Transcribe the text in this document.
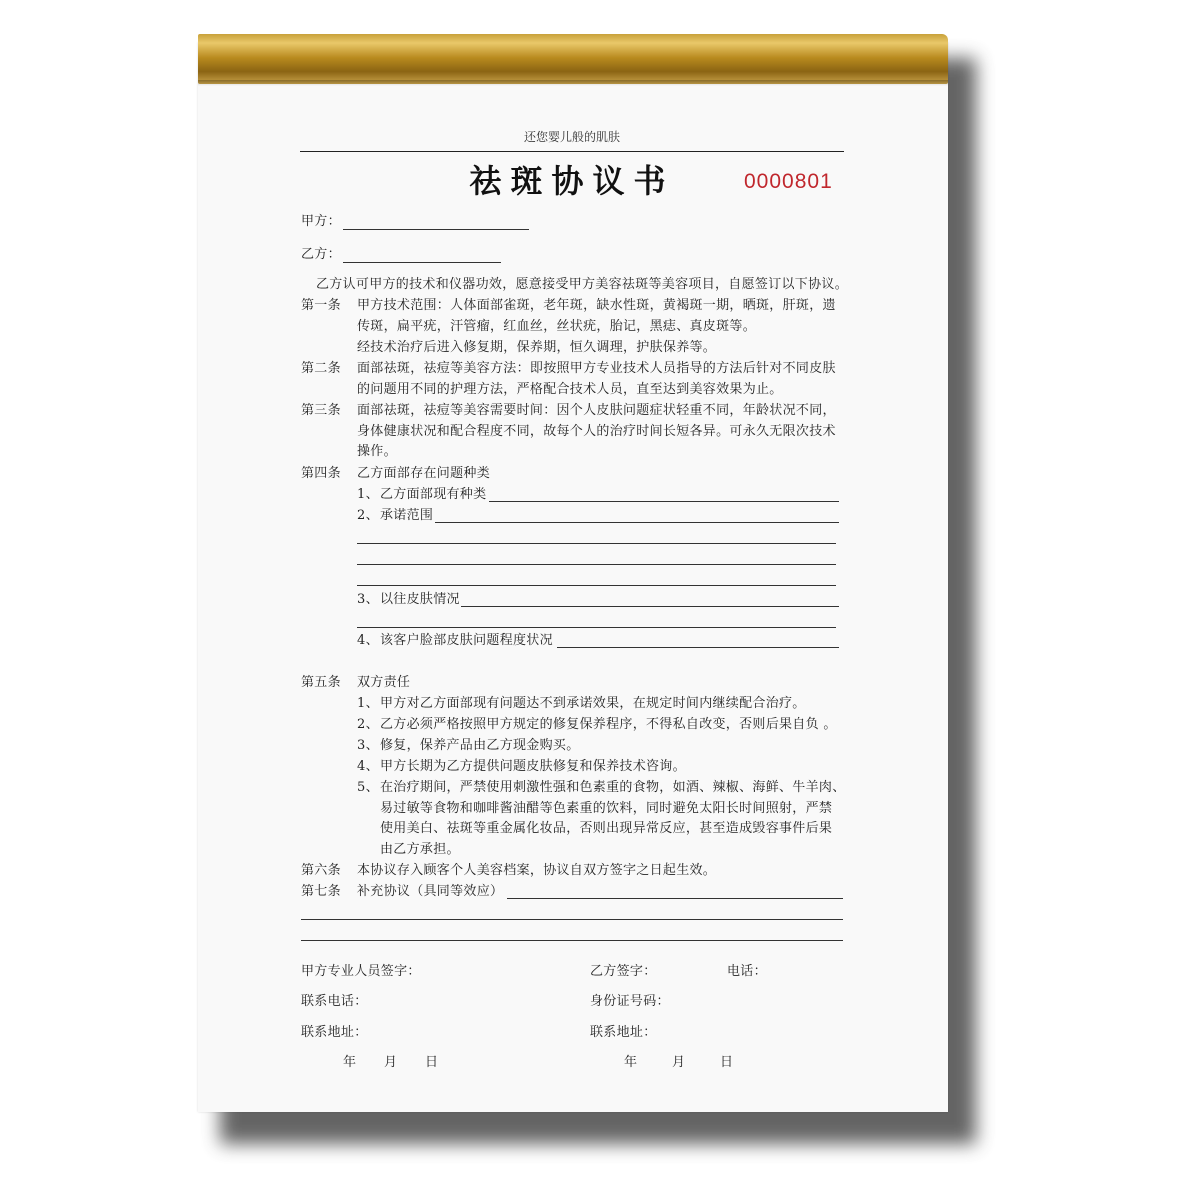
还您婴儿般的肌肤
祛斑协议书	0000801
甲方：
乙方：
乙方认可甲方的技术和仪器功效，愿意接受甲方美容祛斑等美容项目，自愿签订以下协议。
第一条 甲方技术范围：人体面部雀斑，老年斑，缺水性斑，黄褐斑一期，晒斑，肝斑，遗
传斑，扁平疣，汗管瘤，红血丝，丝状疣，胎记，黑痣、真皮斑等。
经技术治疗后进入修复期，保养期，恒久调理，护肤保养等。
第二条 面部祛斑，祛痘等美容方法：即按照甲方专业技术人员指导的方法后针对不同皮肤
的问题用不同的护理方法，严格配合技术人员，直至达到美容效果为止。
第三条 面部祛斑，祛痘等美容需要时间：因个人皮肤问题症状轻重不同，年龄状况不同，
身体健康状况和配合程度不同，故每个人的治疗时间长短各异。可永久无限次技术
操作。
第四条 乙方面部存在问题种类
1、 乙方面部现有种类
2、 承诺范围
3、 以往皮肤情况
4、 该客户脸部皮肤问题程度状况
第五条 双方责任
1、 甲方对乙方面部现有问题达不到承诺效果，在规定时间内继续配合治疗。
2、 乙方必须严格按照甲方规定的修复保养程序，不得私自改变，否则后果自负 。
3、 修复，保养产品由乙方现金购买。
4、 甲方长期为乙方提供问题皮肤修复和保养技术咨询。
5、 在治疗期间，严禁使用刺激性强和色素重的食物，如酒、辣椒、海鲜、牛羊肉、
易过敏等食物和咖啡酱油醋等色素重的饮料，同时避免太阳长时间照射，严禁
使用美白、祛斑等重金属化妆品，否则出现异常反应，甚至造成毁容事件后果
由乙方承担。
第六条 本协议存入顾客个人美容档案，协议自双方签字之日起生效。
第七条 补充协议（具同等效应）
甲方专业人员签字：	乙方签字：	电话：
联系电话：	身份证号码：
联系地址：	联系地址：
年 月 日	年	月	日
